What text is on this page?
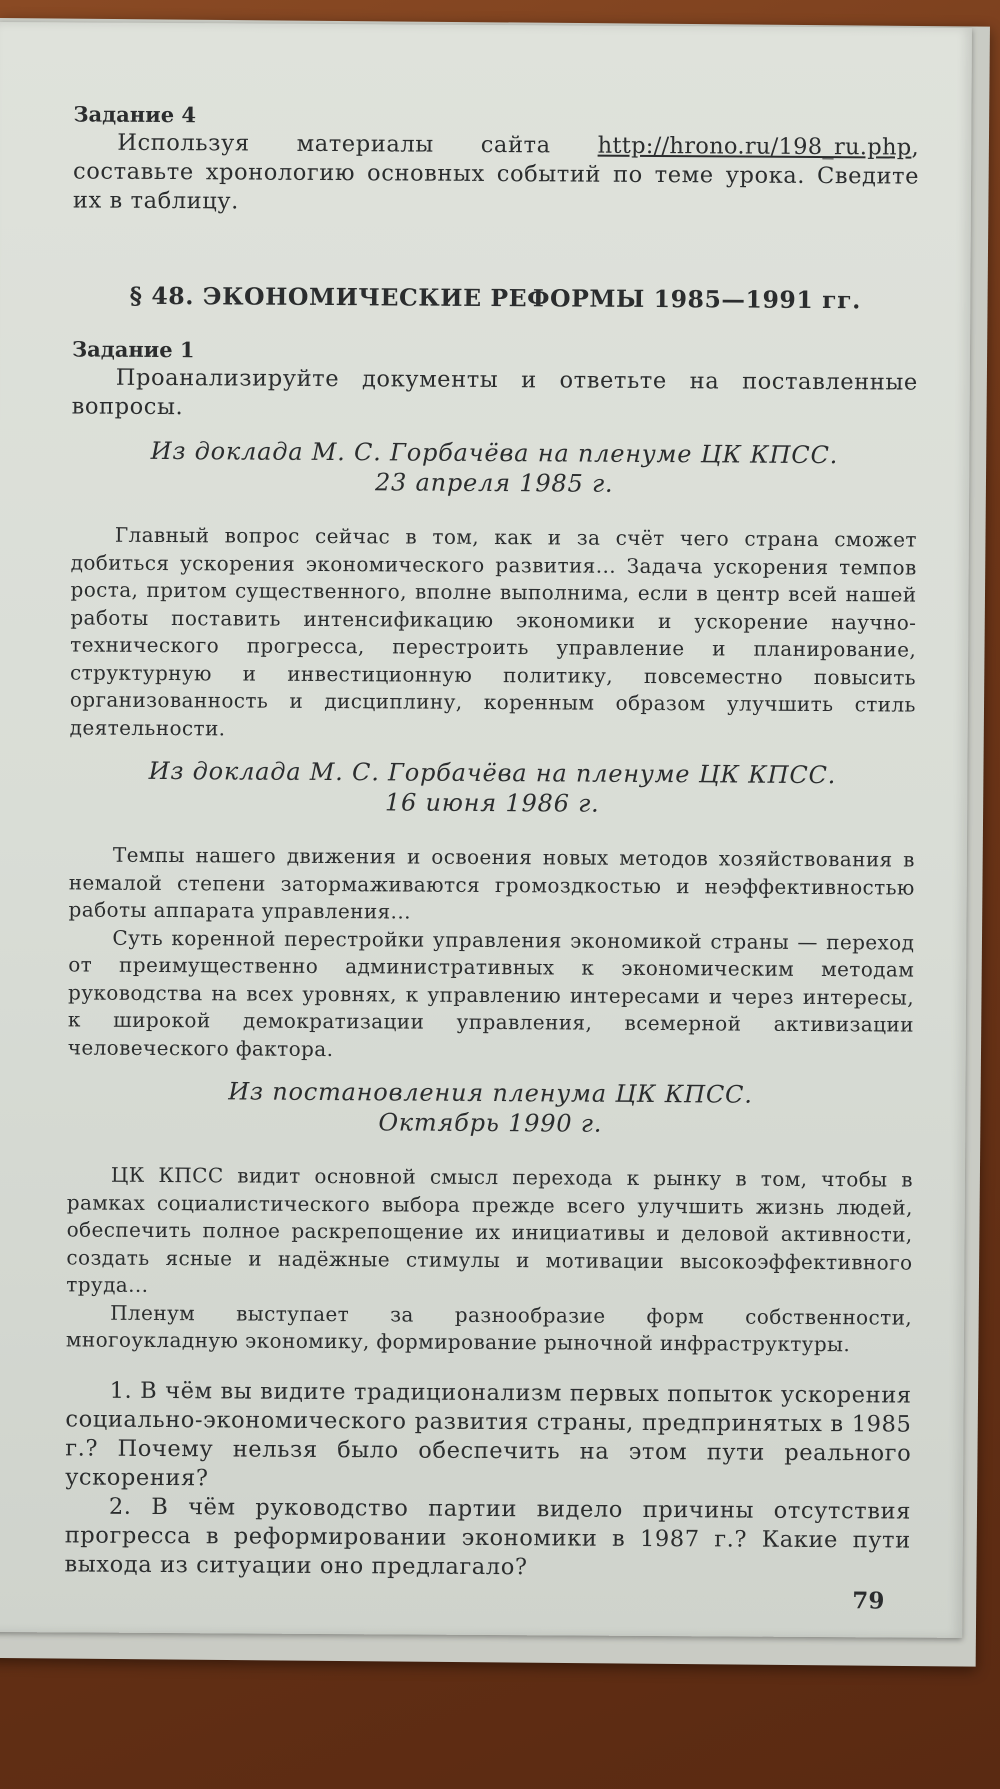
Задание 4

Используя материалы сайта http://hrono.ru/198_ru.php, составьте хронологию основных событий по теме урока. Сведите их в таблицу.

§ 48. ЭКОНОМИЧЕСКИЕ РЕФОРМЫ 1985—1991 гг.

Задание 1

Проанализируйте документы и ответьте на поставленные вопросы.

Из доклада М. С. Горбачёва на пленуме ЦК КПСС.
23 апреля 1985 г.

Главный вопрос сейчас в том, как и за счёт чего страна сможет добиться ускорения экономического развития... Задача ускорения темпов роста, притом существенного, вполне выполнима, если в центр всей нашей работы поставить интенсификацию экономики и ускорение научно-технического прогресса, перестроить управление и планирование, структурную и инвестиционную политику, повсеместно повысить организованность и дисциплину, коренным образом улучшить стиль деятельности.

Из доклада М. С. Горбачёва на пленуме ЦК КПСС.
16 июня 1986 г.

Темпы нашего движения и освоения новых методов хозяйствования в немалой степени затормаживаются громоздкостью и неэффективностью работы аппарата управления...

Суть коренной перестройки управления экономикой страны — переход от преимущественно административных к экономическим методам руководства на всех уровнях, к управлению интересами и через интересы, к широкой демократизации управления, всемерной активизации человеческого фактора.

Из постановления пленума ЦК КПСС.
Октябрь 1990 г.

ЦК КПСС видит основной смысл перехода к рынку в том, чтобы в рамках социалистического выбора прежде всего улучшить жизнь людей, обеспечить полное раскрепощение их инициативы и деловой активности, создать ясные и надёжные стимулы и мотивации высокоэффективного труда...

Пленум выступает за разнообразие форм собственности, многоукладную экономику, формирование рыночной инфраструктуры.

1. В чём вы видите традиционализм первых попыток ускорения социально-экономического развития страны, предпринятых в 1985 г.? Почему нельзя было обеспечить на этом пути реального ускорения?

2. В чём руководство партии видело причины отсутствия прогресса в реформировании экономики в 1987 г.? Какие пути выхода из ситуации оно предлагало?

79
